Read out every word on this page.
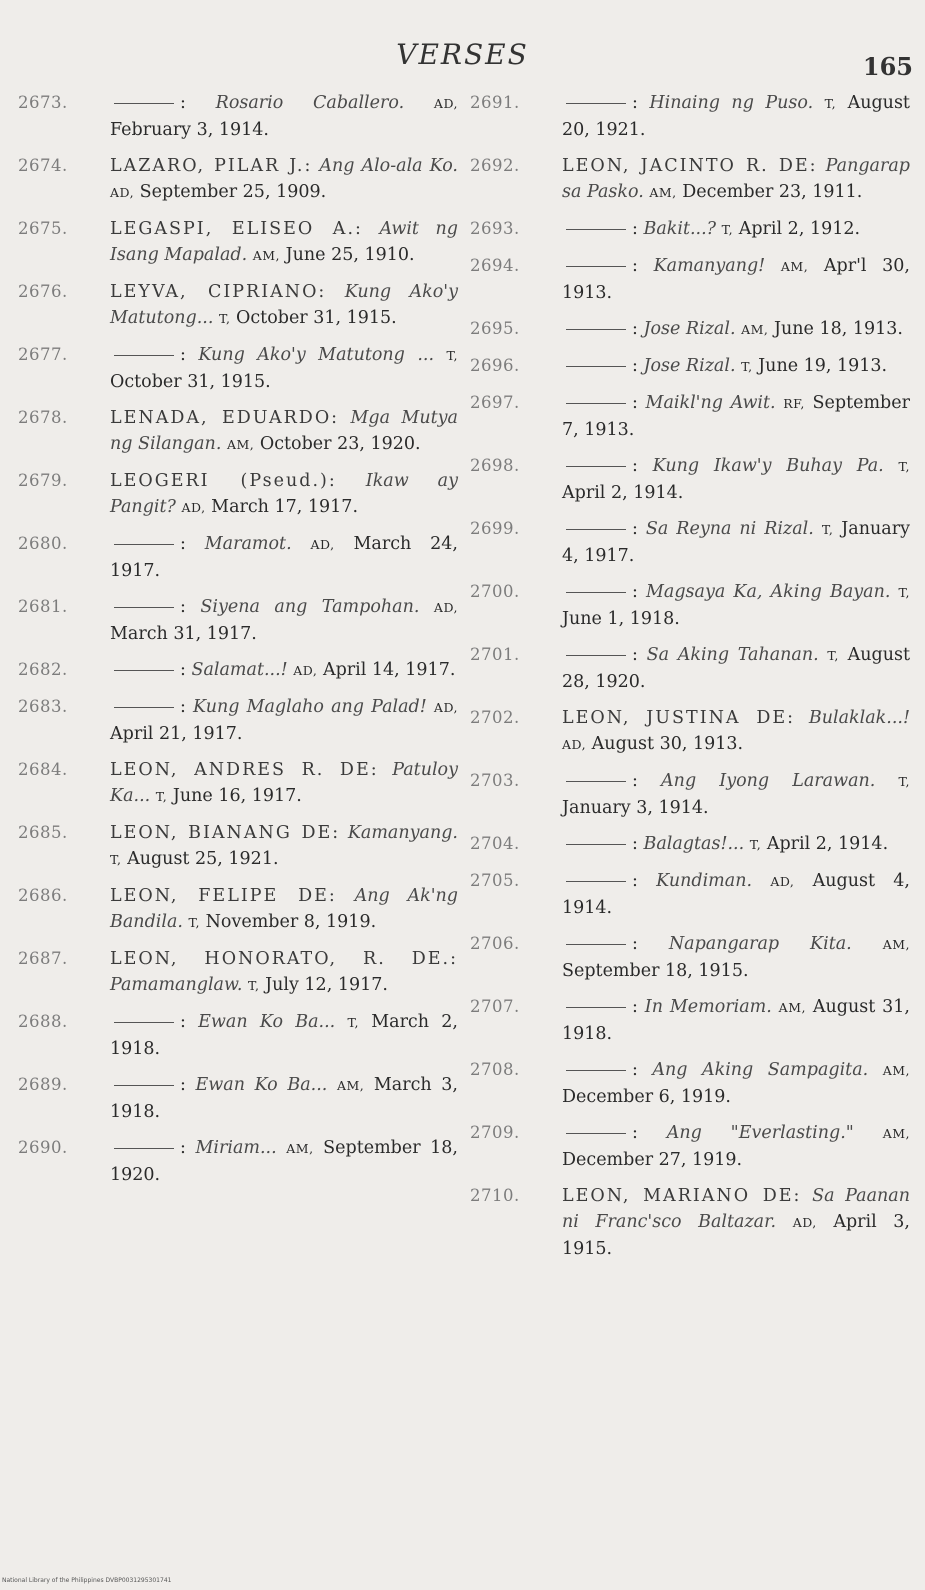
VERSES	165
2673.	: Rosario Caballero. AD, February 3, 1914.
2674. LAZARO, PILAR J.: Ang Alo-ala Ko. AD, September 25, 1909.
2675. LEGASPI, ELISEO A.: Awit ng Isang Mapalad. AM, June 25, 1910.
2676. LEYVA, CIPRIANO: Kung Ako'y Matutong... T, October 31, 1915.
2677.	: Kung Ako'y Matutong ... T, October 31, 1915.
2678. LENADA, EDUARDO: Mga Mutya ng Silangan. AM, October 23, 1920.
2679. LEOGERI (Pseud.): Ikaw ay Pangit? AD, March 17, 1917.
2680.	: Maramot. AD, March 24, 1917.
2681.	: Siyena ang Tampohan. AD, March 31, 1917.
2682.	: Salamat...! AD, April 14, 1917.
2683.	: Kung Maglaho ang Palad! AD, April 21, 1917.
2684. LEON, ANDRES R. DE: Patuloy Ka... T, June 16, 1917.
2685. LEON, BIANANG DE: Kamanyang. T, August 25, 1921.
2686. LEON, FELIPE DE: Ang Ak'ng Bandila. T, November 8, 1919.
2687. LEON, HONORATO, R. DE.: Pamamanglaw. T, July 12, 1917.
2688.	: Ewan Ko Ba... T, March 2, 1918.
2689.	: Ewan Ko Ba... AM, March 3, 1918.
2690.	: Miriam... AM, September 18, 1920.
2691.	: Hinaing ng Puso. T, August 20, 1921.
2692. LEON, JACINTO R. DE: Pangarap sa Pasko. AM, December 23, 1911.
2693.	: Bakit...? T, April 2, 1912.
2694.	: Kamanyang! AM, Apr'l 30, 1913.
2695.	: Jose Rizal. AM, June 18, 1913.
2696.	: Jose Rizal. T, June 19, 1913.
2697.	: Maikl'ng Awit. RF, September 7, 1913.
2698.	: Kung Ikaw'y Buhay Pa. T, April 2, 1914.
2699.	: Sa Reyna ni Rizal. T, January 4, 1917.
2700.	: Magsaya Ka, Aking Bayan. T, June 1, 1918.
2701.	: Sa Aking Tahanan. T, August 28, 1920.
2702. LEON, JUSTINA DE: Bulaklak...! AD, August 30, 1913.
2703.	: Ang Iyong Larawan. T, January 3, 1914.
2704.	: Balagtas!... T, April 2, 1914.
2705.	: Kundiman. AD, August 4, 1914.
2706.	: Napangarap Kita. AM, September 18, 1915.
2707.	: In Memoriam. AM, August 31, 1918.
2708.	: Ang Aking Sampagita. AM, December 6, 1919.
2709.	: Ang "Everlasting." AM, December 27, 1919.
2710. LEON, MARIANO DE: Sa Paanan ni Franc'sco Baltazar. AD, April 3, 1915.
National Library of the Philippines DVBP0031295301741
